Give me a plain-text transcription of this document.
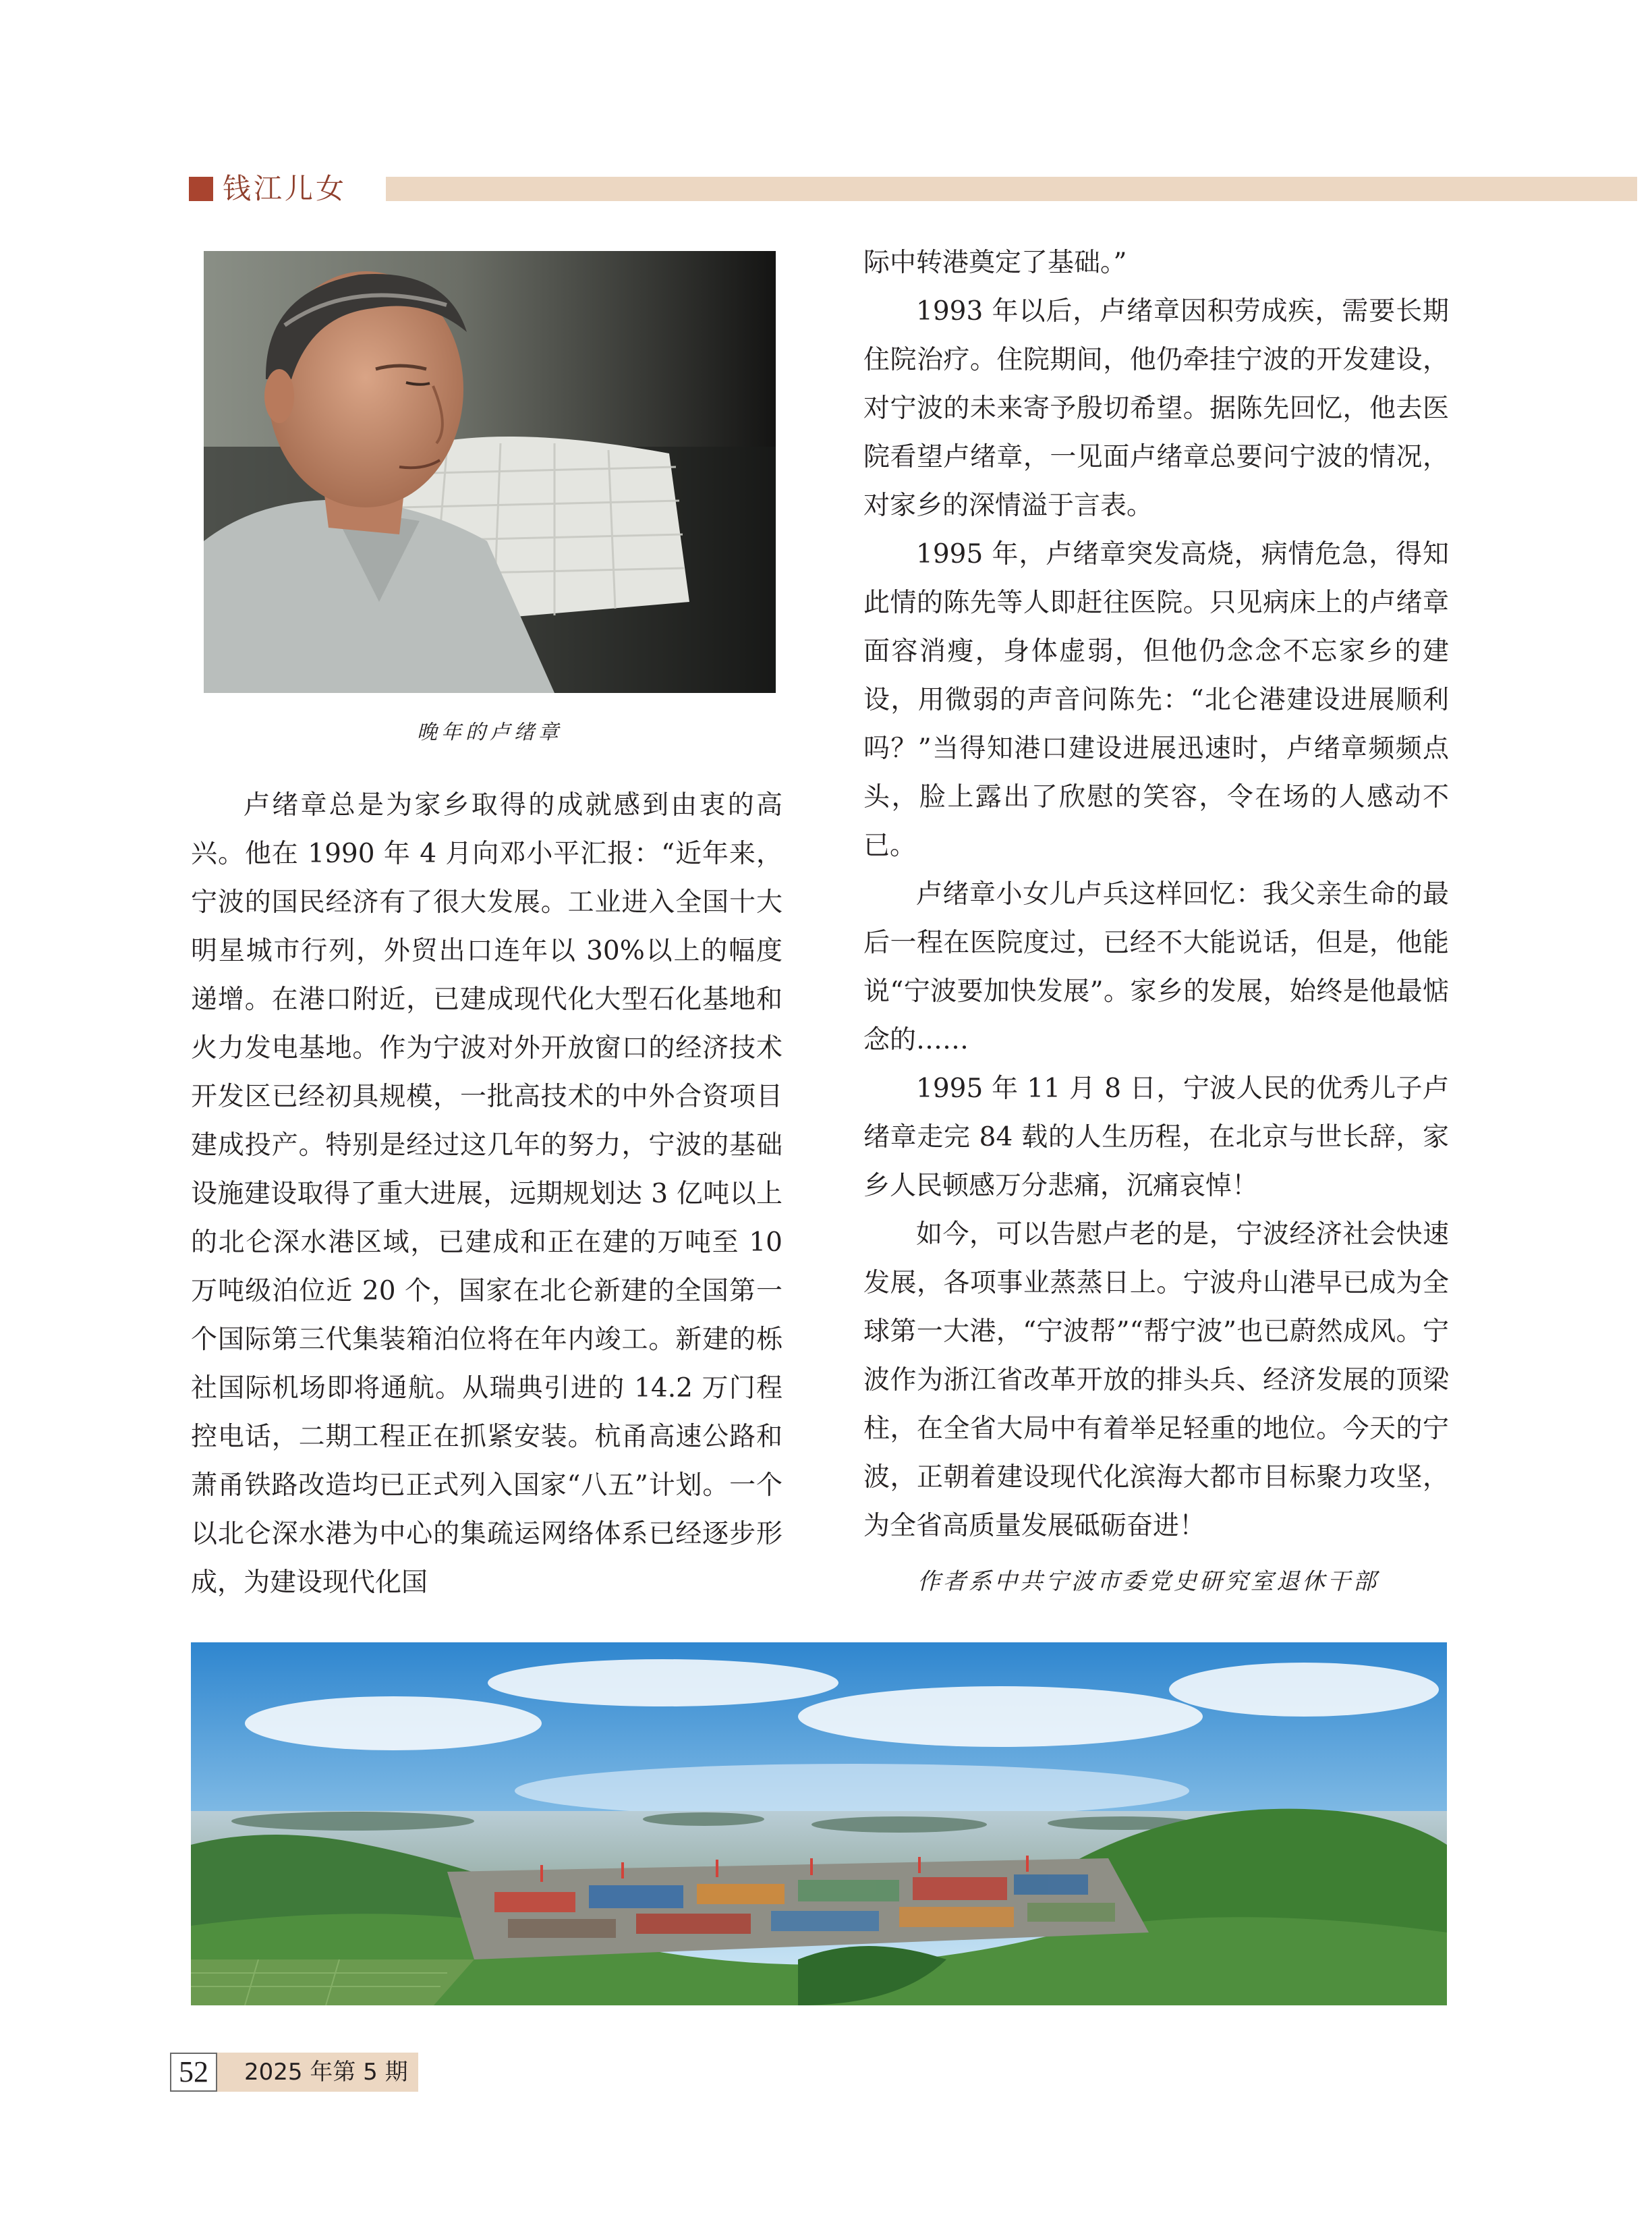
钱江儿女
晚年的卢绪章

卢绪章总是为家乡取得的成就感到由衷的高兴。他在 1990 年 4 月向邓小平汇报：“近年来，宁波的国民经济有了很大发展。工业进入全国十大明星城市行列，外贸出口连年以 30%以上的幅度递增。在港口附近，已建成现代化大型石化基地和火力发电基地。作为宁波对外开放窗口的经济技术开发区已经初具规模，一批高技术的中外合资项目建成投产。特别是经过这几年的努力，宁波的基础设施建设取得了重大进展，远期规划达 3 亿吨以上的北仑深水港区域，已建成和正在建的万吨至 10 万吨级泊位近 20 个，国家在北仑新建的全国第一个国际第三代集装箱泊位将在年内竣工。新建的栎社国际机场即将通航。从瑞典引进的 14.2 万门程控电话，二期工程正在抓紧安装。杭甬高速公路和萧甬铁路改造均已正式列入国家“八五”计划。一个以北仑深水港为中心的集疏运网络体系已经逐步形成，为建设现代化国

际中转港奠定了基础。”

1993 年以后，卢绪章因积劳成疾，需要长期住院治疗。住院期间，他仍牵挂宁波的开发建设，对宁波的未来寄予殷切希望。据陈先回忆，他去医院看望卢绪章，一见面卢绪章总要问宁波的情况，对家乡的深情溢于言表。

1995 年，卢绪章突发高烧，病情危急，得知此情的陈先等人即赶往医院。只见病床上的卢绪章面容消瘦，身体虚弱，但他仍念念不忘家乡的建设，用微弱的声音问陈先：“北仑港建设进展顺利吗？”当得知港口建设进展迅速时，卢绪章频频点头，脸上露出了欣慰的笑容，令在场的人感动不已。

卢绪章小女儿卢兵这样回忆：我父亲生命的最后一程在医院度过，已经不大能说话，但是，他能说“宁波要加快发展”。家乡的发展，始终是他最惦念的……

1995 年 11 月 8 日，宁波人民的优秀儿子卢绪章走完 84 载的人生历程，在北京与世长辞，家乡人民顿感万分悲痛，沉痛哀悼！

如今，可以告慰卢老的是，宁波经济社会快速发展，各项事业蒸蒸日上。宁波舟山港早已成为全球第一大港，“宁波帮”“帮宁波”也已蔚然成风。宁波作为浙江省改革开放的排头兵、经济发展的顶梁柱，在全省大局中有着举足轻重的地位。今天的宁波，正朝着建设现代化滨海大都市目标聚力攻坚，为全省高质量发展砥砺奋进！

作者系中共宁波市委党史研究室退休干部
52	2025 年第 5 期
